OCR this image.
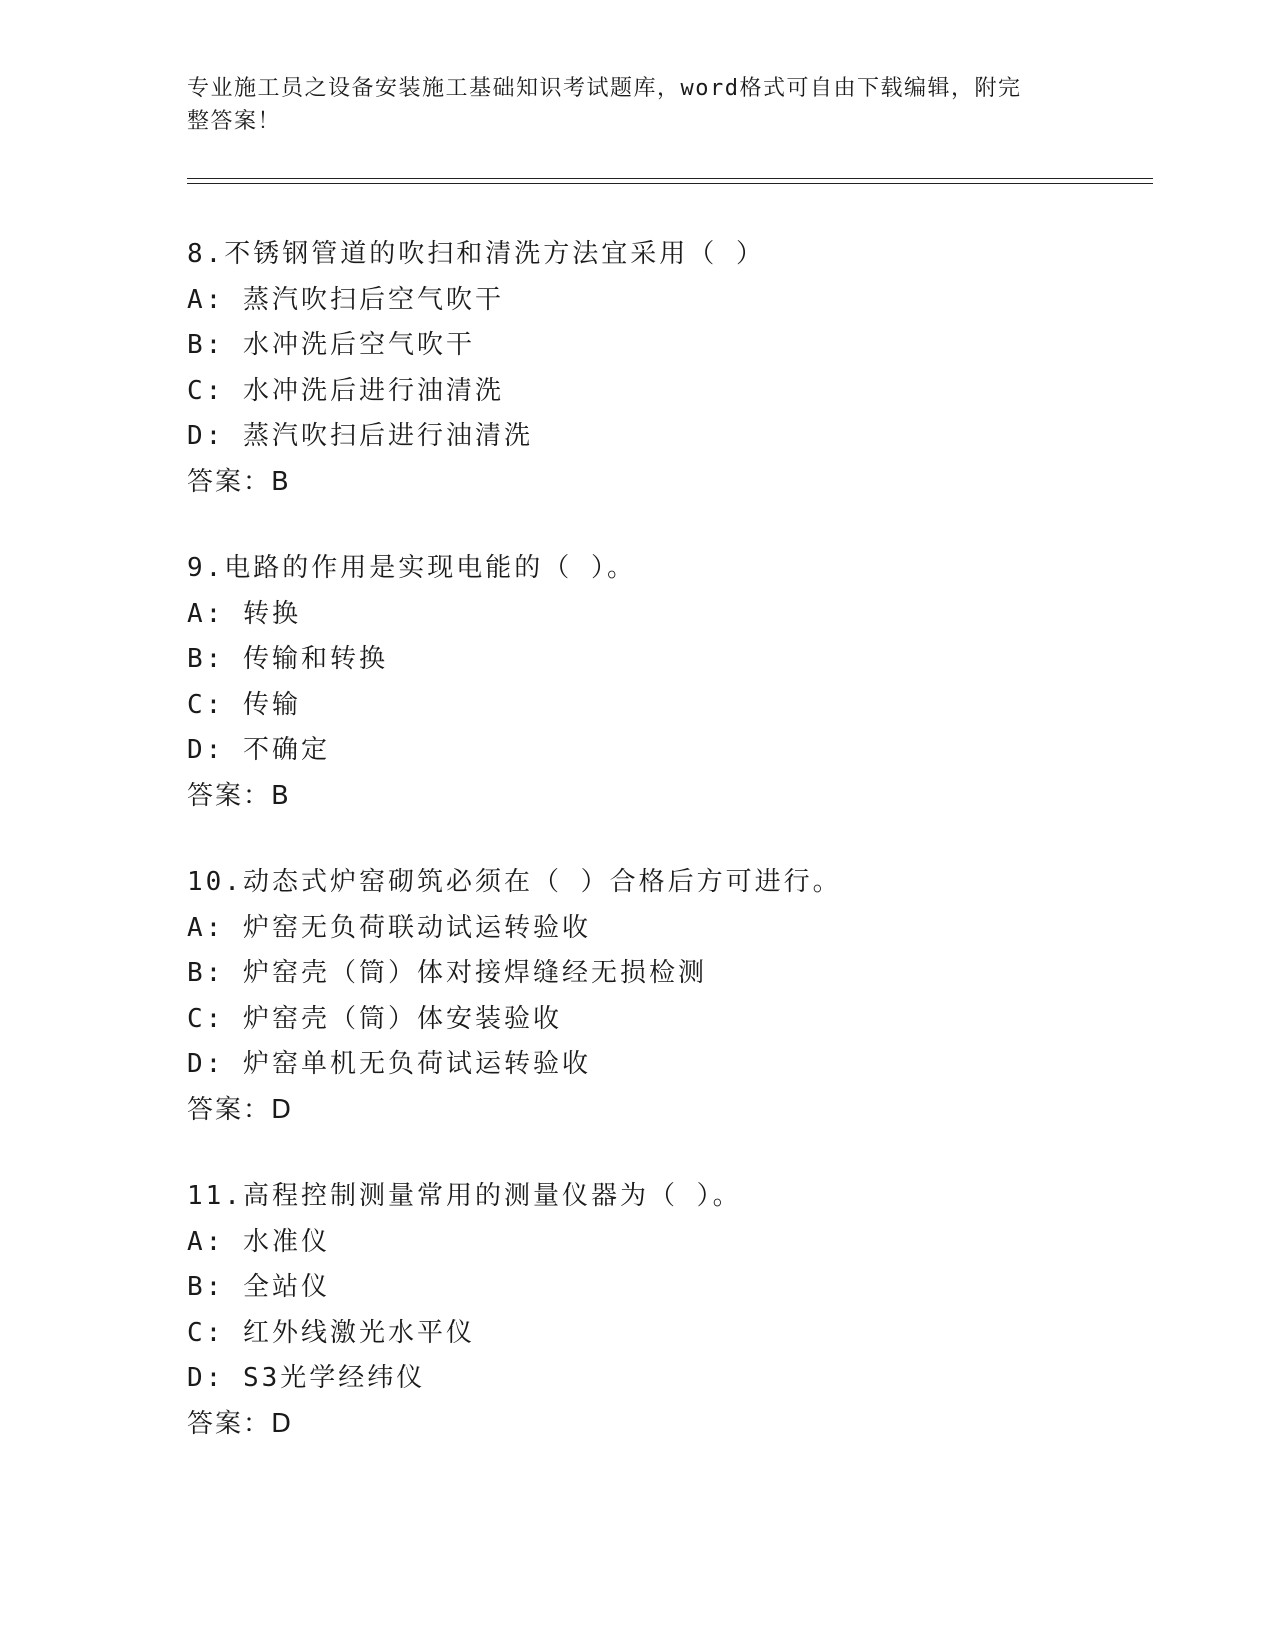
专业施工员之设备安装施工基础知识考试题库，word格式可自由下载编辑，附完
整答案！
8.不锈钢管道的吹扫和清洗方法宜采用（ ）
A: 蒸汽吹扫后空气吹干
B: 水冲洗后空气吹干
C: 水冲洗后进行油清洗
D: 蒸汽吹扫后进行油清洗
答案：B
9.电路的作用是实现电能的（ ）。
A: 转换
B: 传输和转换
C: 传输
D: 不确定
答案：B
10.动态式炉窑砌筑必须在（ ）合格后方可进行。
A: 炉窑无负荷联动试运转验收
B: 炉窑壳（筒）体对接焊缝经无损检测
C: 炉窑壳（筒）体安装验收
D: 炉窑单机无负荷试运转验收
答案：D
11.高程控制测量常用的测量仪器为（ ）。
A: 水准仪
B: 全站仪
C: 红外线激光水平仪
D: S3光学经纬仪
答案：D
